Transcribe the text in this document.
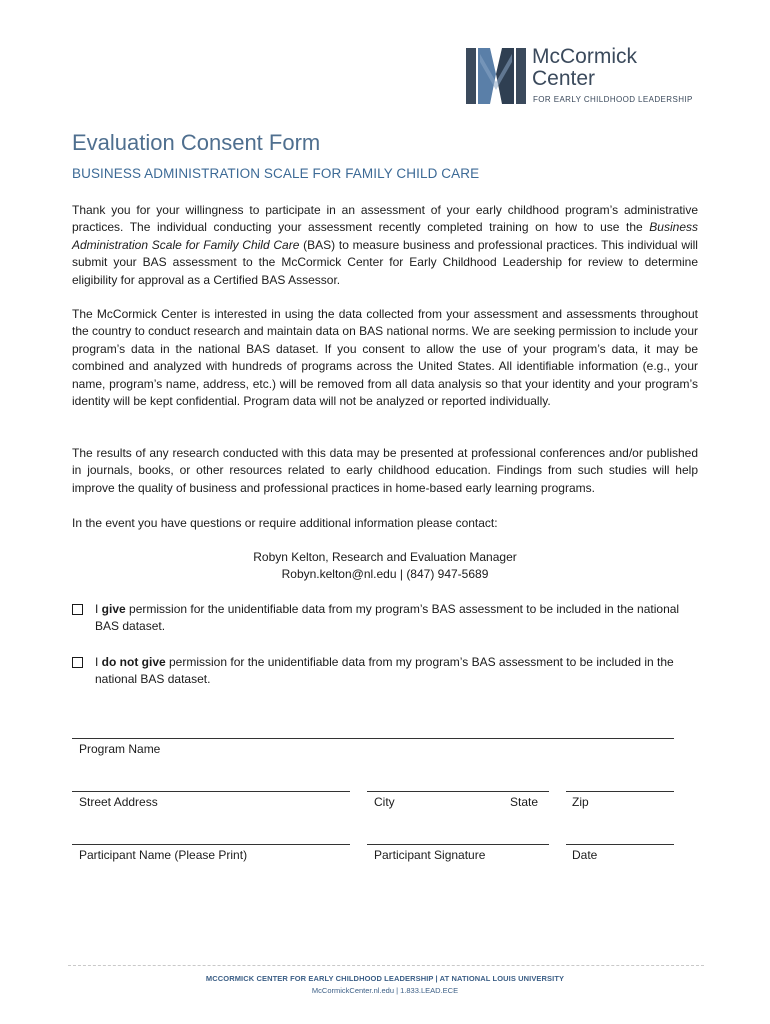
McCormick
Center
FOR EARLY CHILDHOOD LEADERSHIP
Evaluation Consent Form
BUSINESS ADMINISTRATION SCALE FOR FAMILY CHILD CARE
Thank you for your willingness to participate in an assessment of your early childhood program’s administrative practices. The individual conducting your assessment recently completed training on how to use the Business Administration Scale for Family Child Care (BAS) to measure business and professional practices. This individual will submit your BAS assessment to the McCormick Center for Early Childhood Leadership for review to determine eligibility for approval as a Certified BAS Assessor.
The McCormick Center is interested in using the data collected from your assessment and assessments throughout the country to conduct research and maintain data on BAS national norms. We are seeking permission to include your program’s data in the national BAS dataset. If you consent to allow the use of your program’s data, it may be combined and analyzed with hundreds of programs across the United States. All identifiable information (e.g., your name, program’s name, address, etc.) will be removed from all data analysis so that your identity and your program’s identity will be kept confidential. Program data will not be analyzed or reported individually.
The results of any research conducted with this data may be presented at professional conferences and/or published in journals, books, or other resources related to early childhood education. Findings from such studies will help improve the quality of business and professional practices in home-based early learning programs.
In the event you have questions or require additional information please contact:
Robyn Kelton, Research and Evaluation Manager
Robyn.kelton@nl.edu | (847) 947-5689
I give permission for the unidentifiable data from my program’s BAS assessment to be included in the national BAS dataset.
I do not give permission for the unidentifiable data from my program’s BAS assessment to be included in the national BAS dataset.
Program Name
Street Address	City	State	Zip
Participant Name (Please Print)	Participant Signature	Date
MCCORMICK CENTER FOR EARLY CHILDHOOD LEADERSHIP | AT NATIONAL LOUIS UNIVERSITY
McCormickCenter.nl.edu | 1.833.LEAD.ECE
